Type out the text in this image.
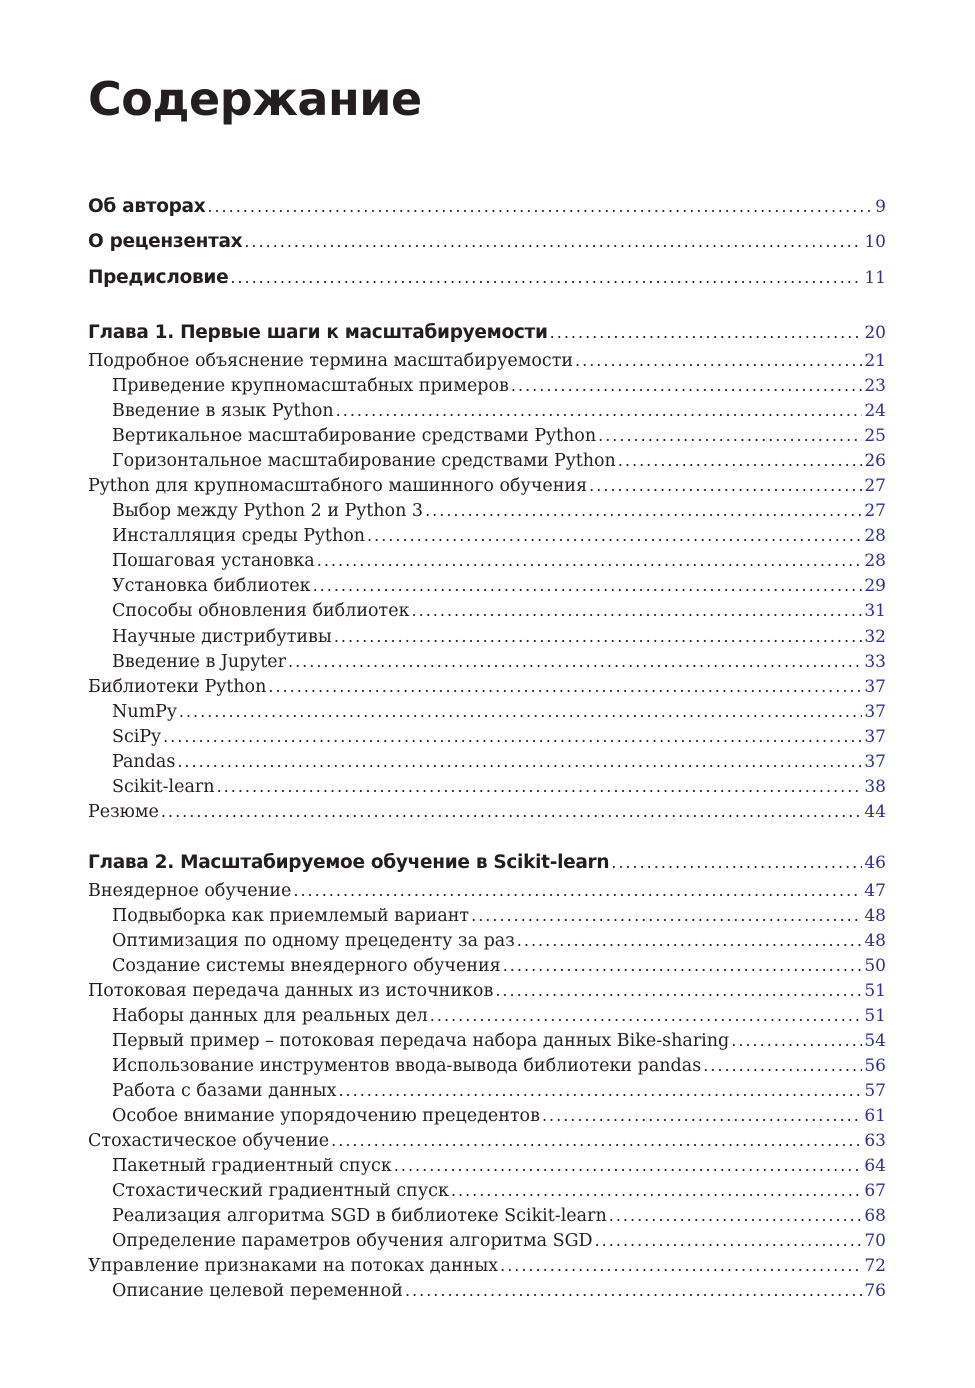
Содержание
Об авторах .....	9
О рецензентах .....	10
Предисловие .....	11
Глава 1. Первые шаги к масштабируемости .....	20
Подробное объяснение термина масштабируемости .....	21
Приведение крупномасштабных примеров .....	23
Введение в язык Python .....	24
Вертикальное масштабирование средствами Python .....	25
Горизонтальное масштабирование средствами Python .....	26
Python для крупномасштабного машинного обучения .....	27
Выбор между Python 2 и Python 3 .....	27
Инсталляция среды Python .....	28
Пошаговая установка .....	28
Установка библиотек .....	29
Способы обновления библиотек .....	31
Научные дистрибутивы .....	32
Введение в Jupyter .....	33
Библиотеки Python .....	37
NumPy .....	37
SciPy .....	37
Pandas .....	37
Scikit-learn .....	38
Резюме .....	44
Глава 2. Масштабируемое обучение в Scikit-learn .....	46
Внеядерное обучение .....	47
Подвыборка как приемлемый вариант .....	48
Оптимизация по одному прецеденту за раз .....	48
Создание системы внеядерного обучения .....	50
Потоковая передача данных из источников .....	51
Наборы данных для реальных дел .....	51
Первый пример – потоковая передача набора данных Bike-sharing .....	54
Использование инструментов ввода-вывода библиотеки pandas .....	56
Работа с базами данных .....	57
Особое внимание упорядочению прецедентов .....	61
Стохастическое обучение .....	63
Пакетный градиентный спуск .....	64
Стохастический градиентный спуск .....	67
Реализация алгоритма SGD в библиотеке Scikit-learn .....	68
Определение параметров обучения алгоритма SGD .....	70
Управление признаками на потоках данных .....	72
Описание целевой переменной .....	76
